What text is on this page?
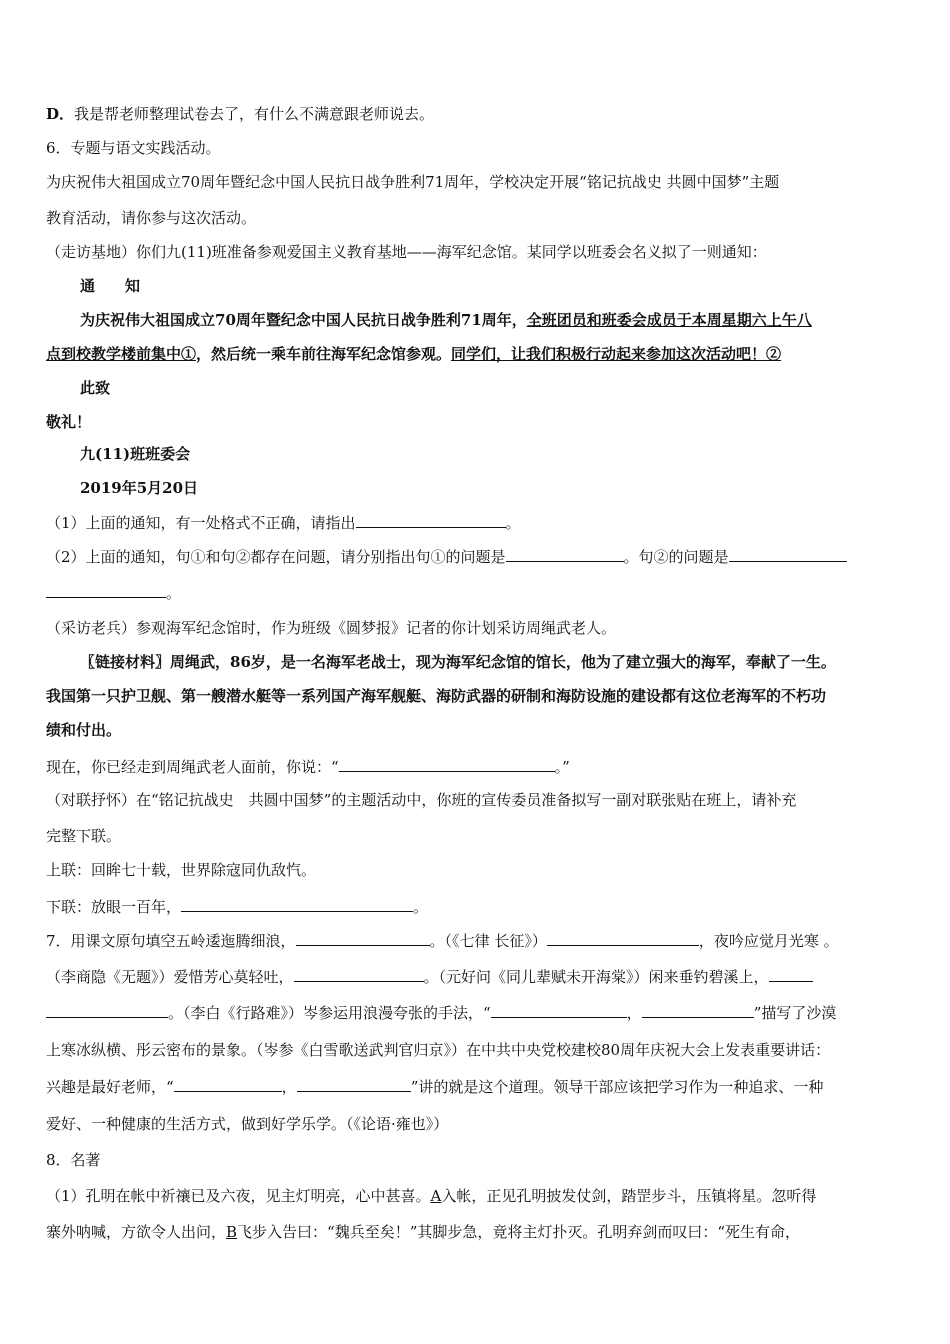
D．我是帮老师整理试卷去了，有什么不满意跟老师说去。
6．专题与语文实践活动。
为庆祝伟大祖国成立70周年暨纪念中国人民抗日战争胜利71周年，学校决定开展“铭记抗战史 共圆中国梦”主题
教育活动，请你参与这次活动。
（走访基地）你们九(11)班准备参观爱国主义教育基地——海军纪念馆。某同学以班委会名义拟了一则通知：
通 知
为庆祝伟大祖国成立70周年暨纪念中国人民抗日战争胜利71周年，全班团员和班委会成员于本周星期六上午八
点到校教学楼前集中①，然后统一乘车前往海军纪念馆参观。同学们，让我们积极行动起来参加这次活动吧！②
此致
敬礼！
九(11)班班委会
2019年5月20日
（1）上面的通知，有一处格式不正确，请指出	。
（2）上面的通知，句①和句②都存在问题，请分别指出句①的问题是	。句②的问题是
。
（采访老兵）参观海军纪念馆时，作为班级《圆梦报》记者的你计划采访周绳武老人。
〖链接材料〗周绳武，86岁，是一名海军老战士，现为海军纪念馆的馆长，他为了建立强大的海军，奉献了一生。
我国第一只护卫舰、第一艘潜水艇等一系列国产海军舰艇、海防武器的研制和海防设施的建设都有这位老海军的不朽功
绩和付出。
现在，你已经走到周绳武老人面前，你说：“	。”
（对联抒怀）在“铭记抗战史　共圆中国梦”的主题活动中，你班的宣传委员准备拟写一副对联张贴在班上，请补充
完整下联。
上联：回眸七十载，世界除寇同仇敌忾。
下联：放眼一百年，	。
7．用课文原句填空五岭逶迤腾细浪，	。（《七律 长征》）	，夜吟应觉月光寒 。
（李商隐《无题》）爱惜芳心莫轻吐，	。（元好问《同儿辈赋未开海棠》）闲来垂钓碧溪上，
。（李白《行路难》）岑参运用浪漫夸张的手法，“	，	”描写了沙漠
上寒冰纵横、彤云密布的景象。（岑参《白雪歌送武判官归京》）在中共中央党校建校80周年庆祝大会上发表重要讲话：
兴趣是最好老师，“	，	”讲的就是这个道理。领导干部应该把学习作为一种追求、一种
爱好、一种健康的生活方式，做到好学乐学。（《论语·雍也》）
8．名著
（1）孔明在帐中祈禳已及六夜，见主灯明亮，心中甚喜。A入帐，正见孔明披发仗剑，踏罡步斗，压镇将星。忽听得
寨外呐喊，方欲令人出问，B飞步入告曰：“魏兵至矣！”其脚步急，竟将主灯扑灭。孔明弃剑而叹曰：“死生有命，
